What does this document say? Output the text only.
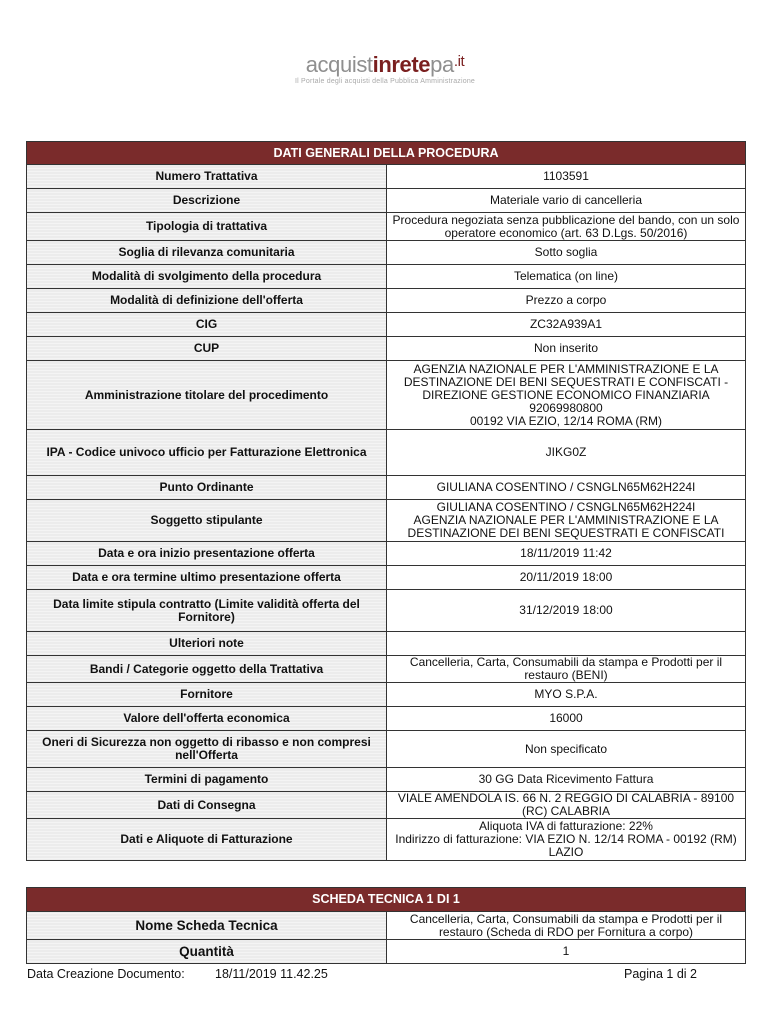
acquistinretepa$^{.it}$
Il Portale degli acquisti della Pubblica Amministrazione
DATI GENERALI DELLA PROCEDURA	
Numero Trattativa	1103591
Descrizione	Materiale vario di cancelleria
Tipologia di trattativa	Procedura negoziata senza pubblicazione del bando, con un solo operatore economico (art. 63 D.Lgs. 50/2016)
Soglia di rilevanza comunitaria	Sotto soglia
Modalità di svolgimento della procedura	Telematica (on line)
Modalità di definizione dell'offerta	Prezzo a corpo
CIG	ZC32A939A1
CUP	Non inserito
Amministrazione titolare del procedimento	AGENZIA NAZIONALE PER L'AMMINISTRAZIONE E LA DESTINAZIONE DEI BENI SEQUESTRATI E CONFISCATI - DIREZIONE GESTIONE ECONOMICO FINANZIARIA
92069980800
00192 VIA EZIO, 12/14 ROMA (RM)
IPA - Codice univoco ufficio per Fatturazione Elettronica	JIKG0Z
Punto Ordinante	GIULIANA COSENTINO / CSNGLN65M62H224I
Soggetto stipulante	GIULIANA COSENTINO / CSNGLN65M62H224I
AGENZIA NAZIONALE PER L'AMMINISTRAZIONE E LA DESTINAZIONE DEI BENI SEQUESTRATI E CONFISCATI
Data e ora inizio presentazione offerta	18/11/2019 11:42
Data e ora termine ultimo presentazione offerta	20/11/2019 18:00
Data limite stipula contratto (Limite validità offerta del Fornitore)	31/12/2019 18:00
Ulteriori note	
Bandi / Categorie oggetto della Trattativa	Cancelleria, Carta, Consumabili da stampa e Prodotti per il restauro (BENI)
Fornitore	MYO S.P.A.
Valore dell'offerta economica	16000
Oneri di Sicurezza non oggetto di ribasso e non compresi nell'Offerta	Non specificato
Termini di pagamento	30 GG Data Ricevimento Fattura
Dati di Consegna	VIALE AMENDOLA IS. 66 N. 2 REGGIO DI CALABRIA - 89100 (RC) CALABRIA
Dati e Aliquote di Fatturazione	Aliquota IVA di fatturazione: 22%
Indirizzo di fatturazione: VIA EZIO N. 12/14 ROMA - 00192 (RM) LAZIO
SCHEDA TECNICA 1 DI 1	
Nome Scheda Tecnica	Cancelleria, Carta, Consumabili da stampa e Prodotti per il restauro (Scheda di RDO per Fornitura a corpo)
Quantità	1
Data Creazione Documento: 18/11/2019 11.42.25	Pagina 1 di 2
